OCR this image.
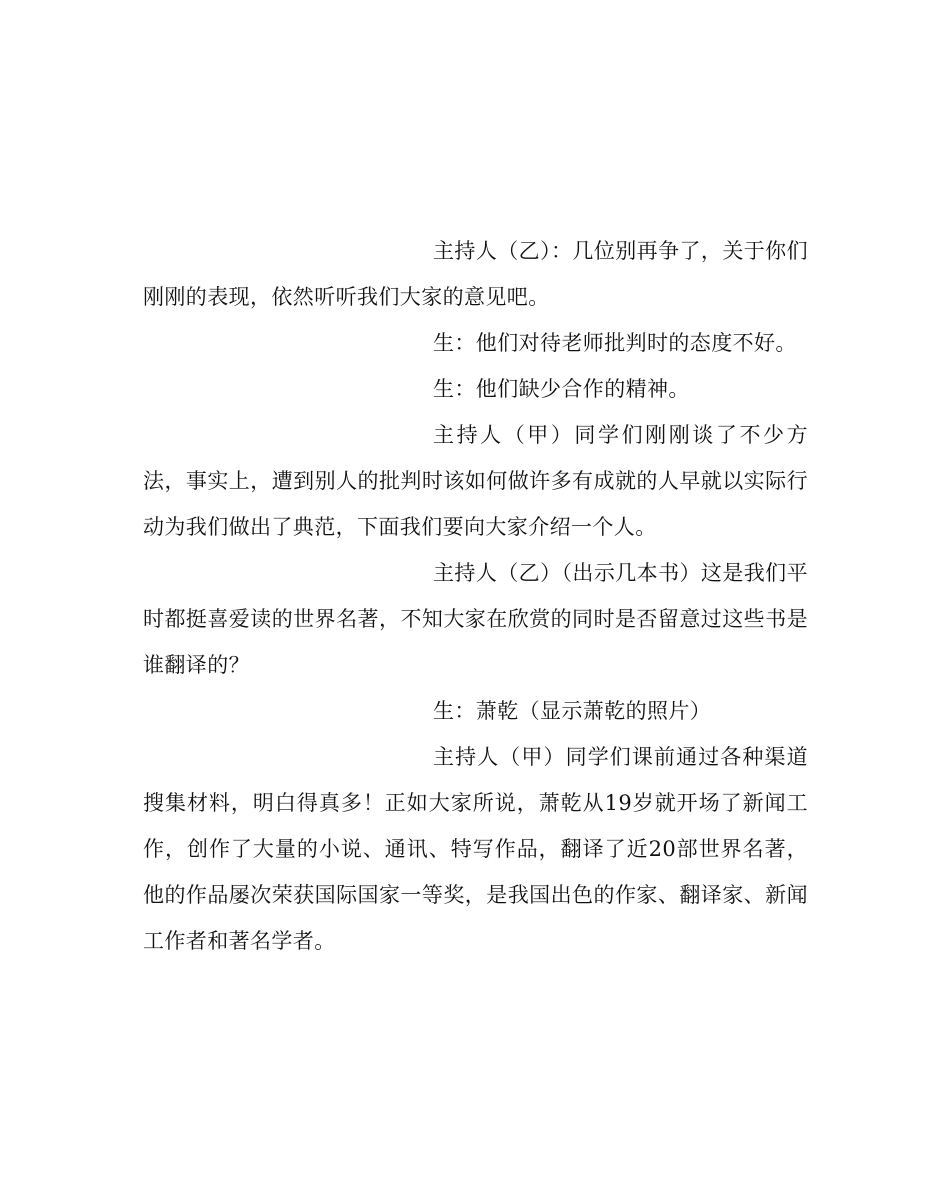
主持人（乙）：几位别再争了，关于你们刚刚的表现，依然听听我们大家的意见吧。

生：他们对待老师批判时的态度不好。

生：他们缺少合作的精神。

主持人（甲）同学们刚刚谈了不少方法，事实上，遭到别人的批判时该如何做许多有成就的人早就以实际行动为我们做出了典范，下面我们要向大家介绍一个人。

主持人（乙）（出示几本书）这是我们平时都挺喜爱读的世界名著，不知大家在欣赏的同时是否留意过这些书是谁翻译的？

生：萧乾（显示萧乾的照片）

主持人（甲）同学们课前通过各种渠道搜集材料，明白得真多！正如大家所说，萧乾从19岁就开场了新闻工作，创作了大量的小说、通讯、特写作品，翻译了近20部世界名著，他的作品屡次荣获国际国家一等奖，是我国出色的作家、翻译家、新闻工作者和著名学者。
